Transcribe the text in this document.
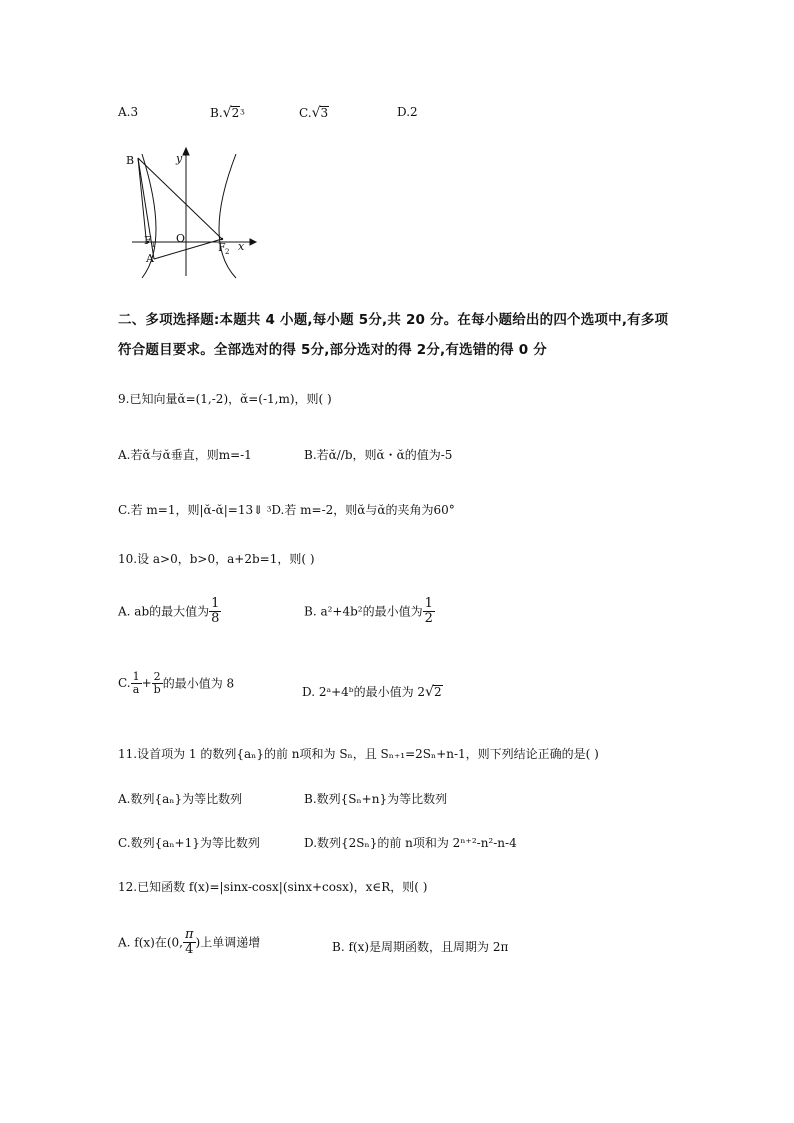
A.3	B.√2ᶾ	C.√3	D.2
B
A
F 1 O
F 2 x
y
二、多项选择题:本题共 4 小题,每小题 5分,共 20 分。在每小题给出的四个选项中,有多项
符合题目要求。全部选对的得 5分,部分选对的得 2分,有选错的得 0 分
9.已知向量ᾰ=(1,-2)，ᾰ=(-1,m)，则( )
A.若ᾰ与ᾰ垂直，则m=-1	B.若ᾰ//b，则ᾰ・ᾰ的值为-5
C.若 m=1，则|ᾰ-ᾰ|=13⇓ ᶾD.若 m=-2，则ᾰ与ᾰ的夹角为60°
10.设 a>0，b>0，a+2b=1，则( )
A. ab的最大值为 $\frac{1}{8}$	B. a²+4b²的最小值为 $\frac{1}{2}$
C. $\frac{1}{a} + \frac{2}{b}$ 的最小值为 8
D. 2ᵃ+4ᵇ的最小值为 2√2
11.设首项为 1 的数列{aₙ}的前 n项和为 Sₙ，且 Sₙ₊₁=2Sₙ+n-1，则下列结论正确的是( )
A.数列{aₙ}为等比数列	B.数列{Sₙ+n}为等比数列
C.数列{aₙ+1}为等比数列	D.数列{2Sₙ}的前 n项和为 2ⁿ⁺²-n²-n-4
12.已知函数 f(x)=|sinx-cosx|(sinx+cosx)，x∈R，则( )
A. f(x)在(0, $\frac{\pi}{4}$ )上单调递增	B. f(x)是周期函数，且周期为 2π
